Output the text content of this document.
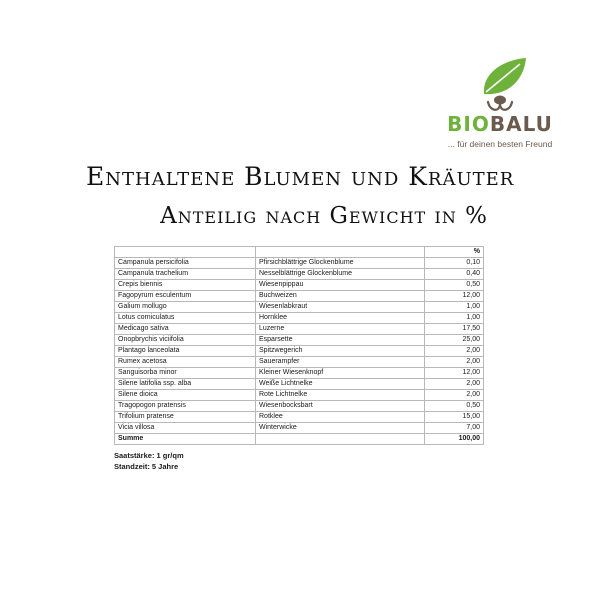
BIOBALU
... für deinen besten Freund
Enthaltene Blumen und Kräuter
Anteilig nach Gewicht in %
		%
Campanula persicifolia	Pfirsichblättrige Glockenblume	0,10
Campanula trachelium	Nesselblättrige Glockenblume	0,40
Crepis biennis	Wiesenpippau	0,50
Fagopyrum esculentum	Buchweizen	12,00
Galium mollugo	Wiesenlabkraut	1,00
Lotus corniculatus	Hornklee	1,00
Medicago sativa	Luzerne	17,50
Onopbrychis viciifolia	Esparsette	25,00
Plantago lanceolata	Spitzwegerich	2,00
Rumex acetosa	Sauerampfer	2,00
Sanguisorba minor	Kleiner Wiesenknopf	12,00
Silene latifolia ssp. alba	Weiße Lichtnelke	2,00
Silene dioica	Rote Lichtnelke	2,00
Tragopogon pratensis	Wiesenbocksbart	0,50
Trifolium pratense	Rotklee	15,00
Vicia villosa	Winterwicke	7,00
Summe		100,00
Saatstärke: 1 gr/qm
Standzeit: 5 Jahre
